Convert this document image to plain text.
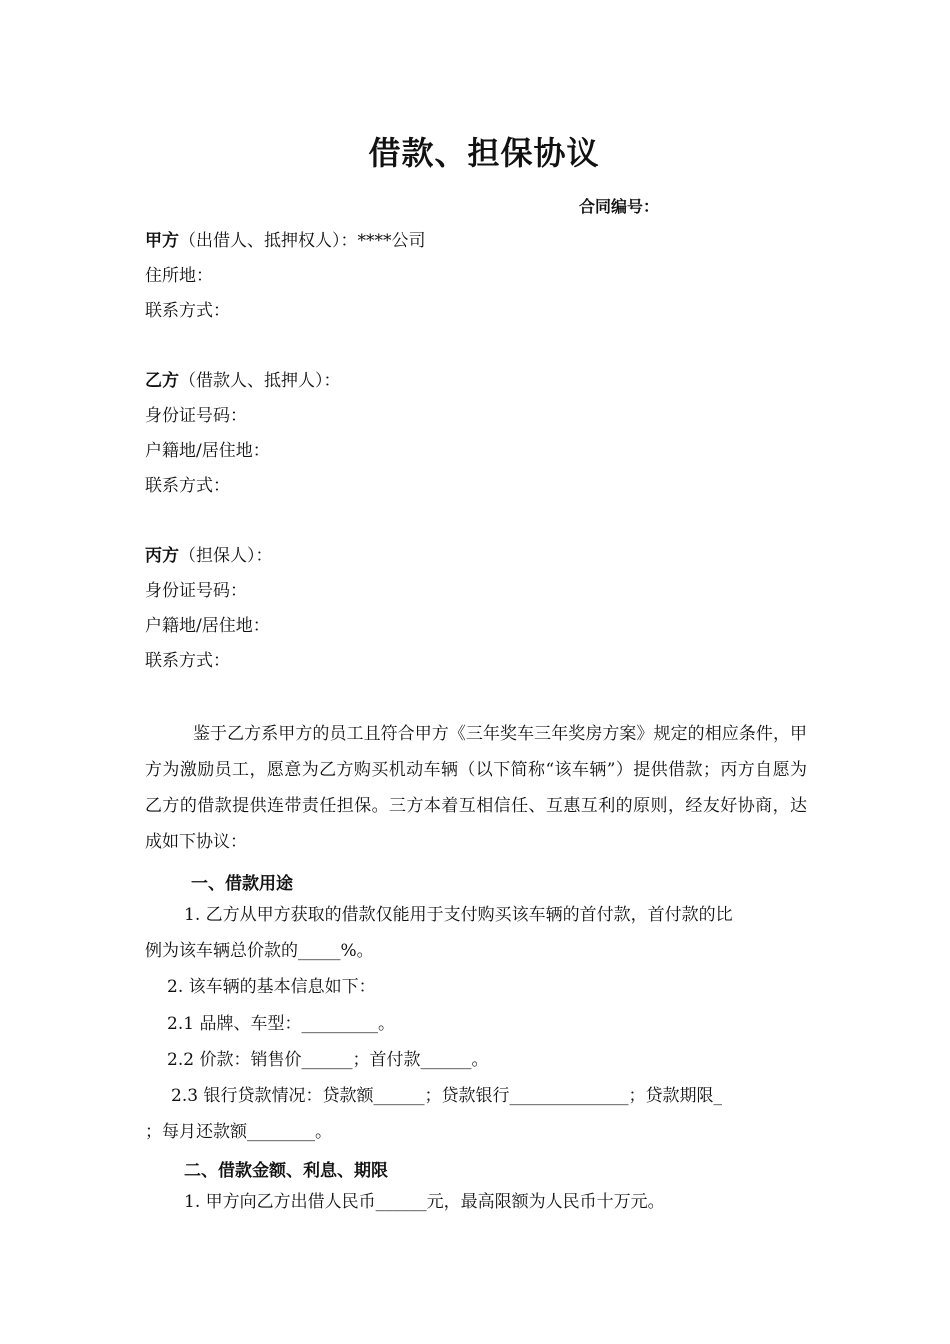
借款、担保协议
合同编号：
甲方（出借人、抵押权人）：****公司
住所地：
联系方式：
乙方（借款人、抵押人）：
身份证号码：
户籍地/居住地：
联系方式：
丙方（担保人）：
身份证号码：
户籍地/居住地：
联系方式：

鉴于乙方系甲方的员工且符合甲方《三年奖车三年奖房方案》规定的相应条件，甲方为激励员工，愿意为乙方购买机动车辆（以下简称“该车辆”）提供借款；丙方自愿为乙方的借款提供连带责任担保。三方本着互相信任、互惠互利的原则，经友好协商，达成如下协议：

一、借款用途
1. 乙方从甲方获取的借款仅能用于支付购买该车辆的首付款，首付款的比
例为该车辆总价款的_____%。
2. 该车辆的基本信息如下：
2.1 品牌、车型：_________。
2.2 价款：销售价______；首付款______。
2.3 银行贷款情况：贷款额______；贷款银行______________；贷款期限_
；每月还款额________。
二、借款金额、利息、期限
1. 甲方向乙方出借人民币______元，最高限额为人民币十万元。
